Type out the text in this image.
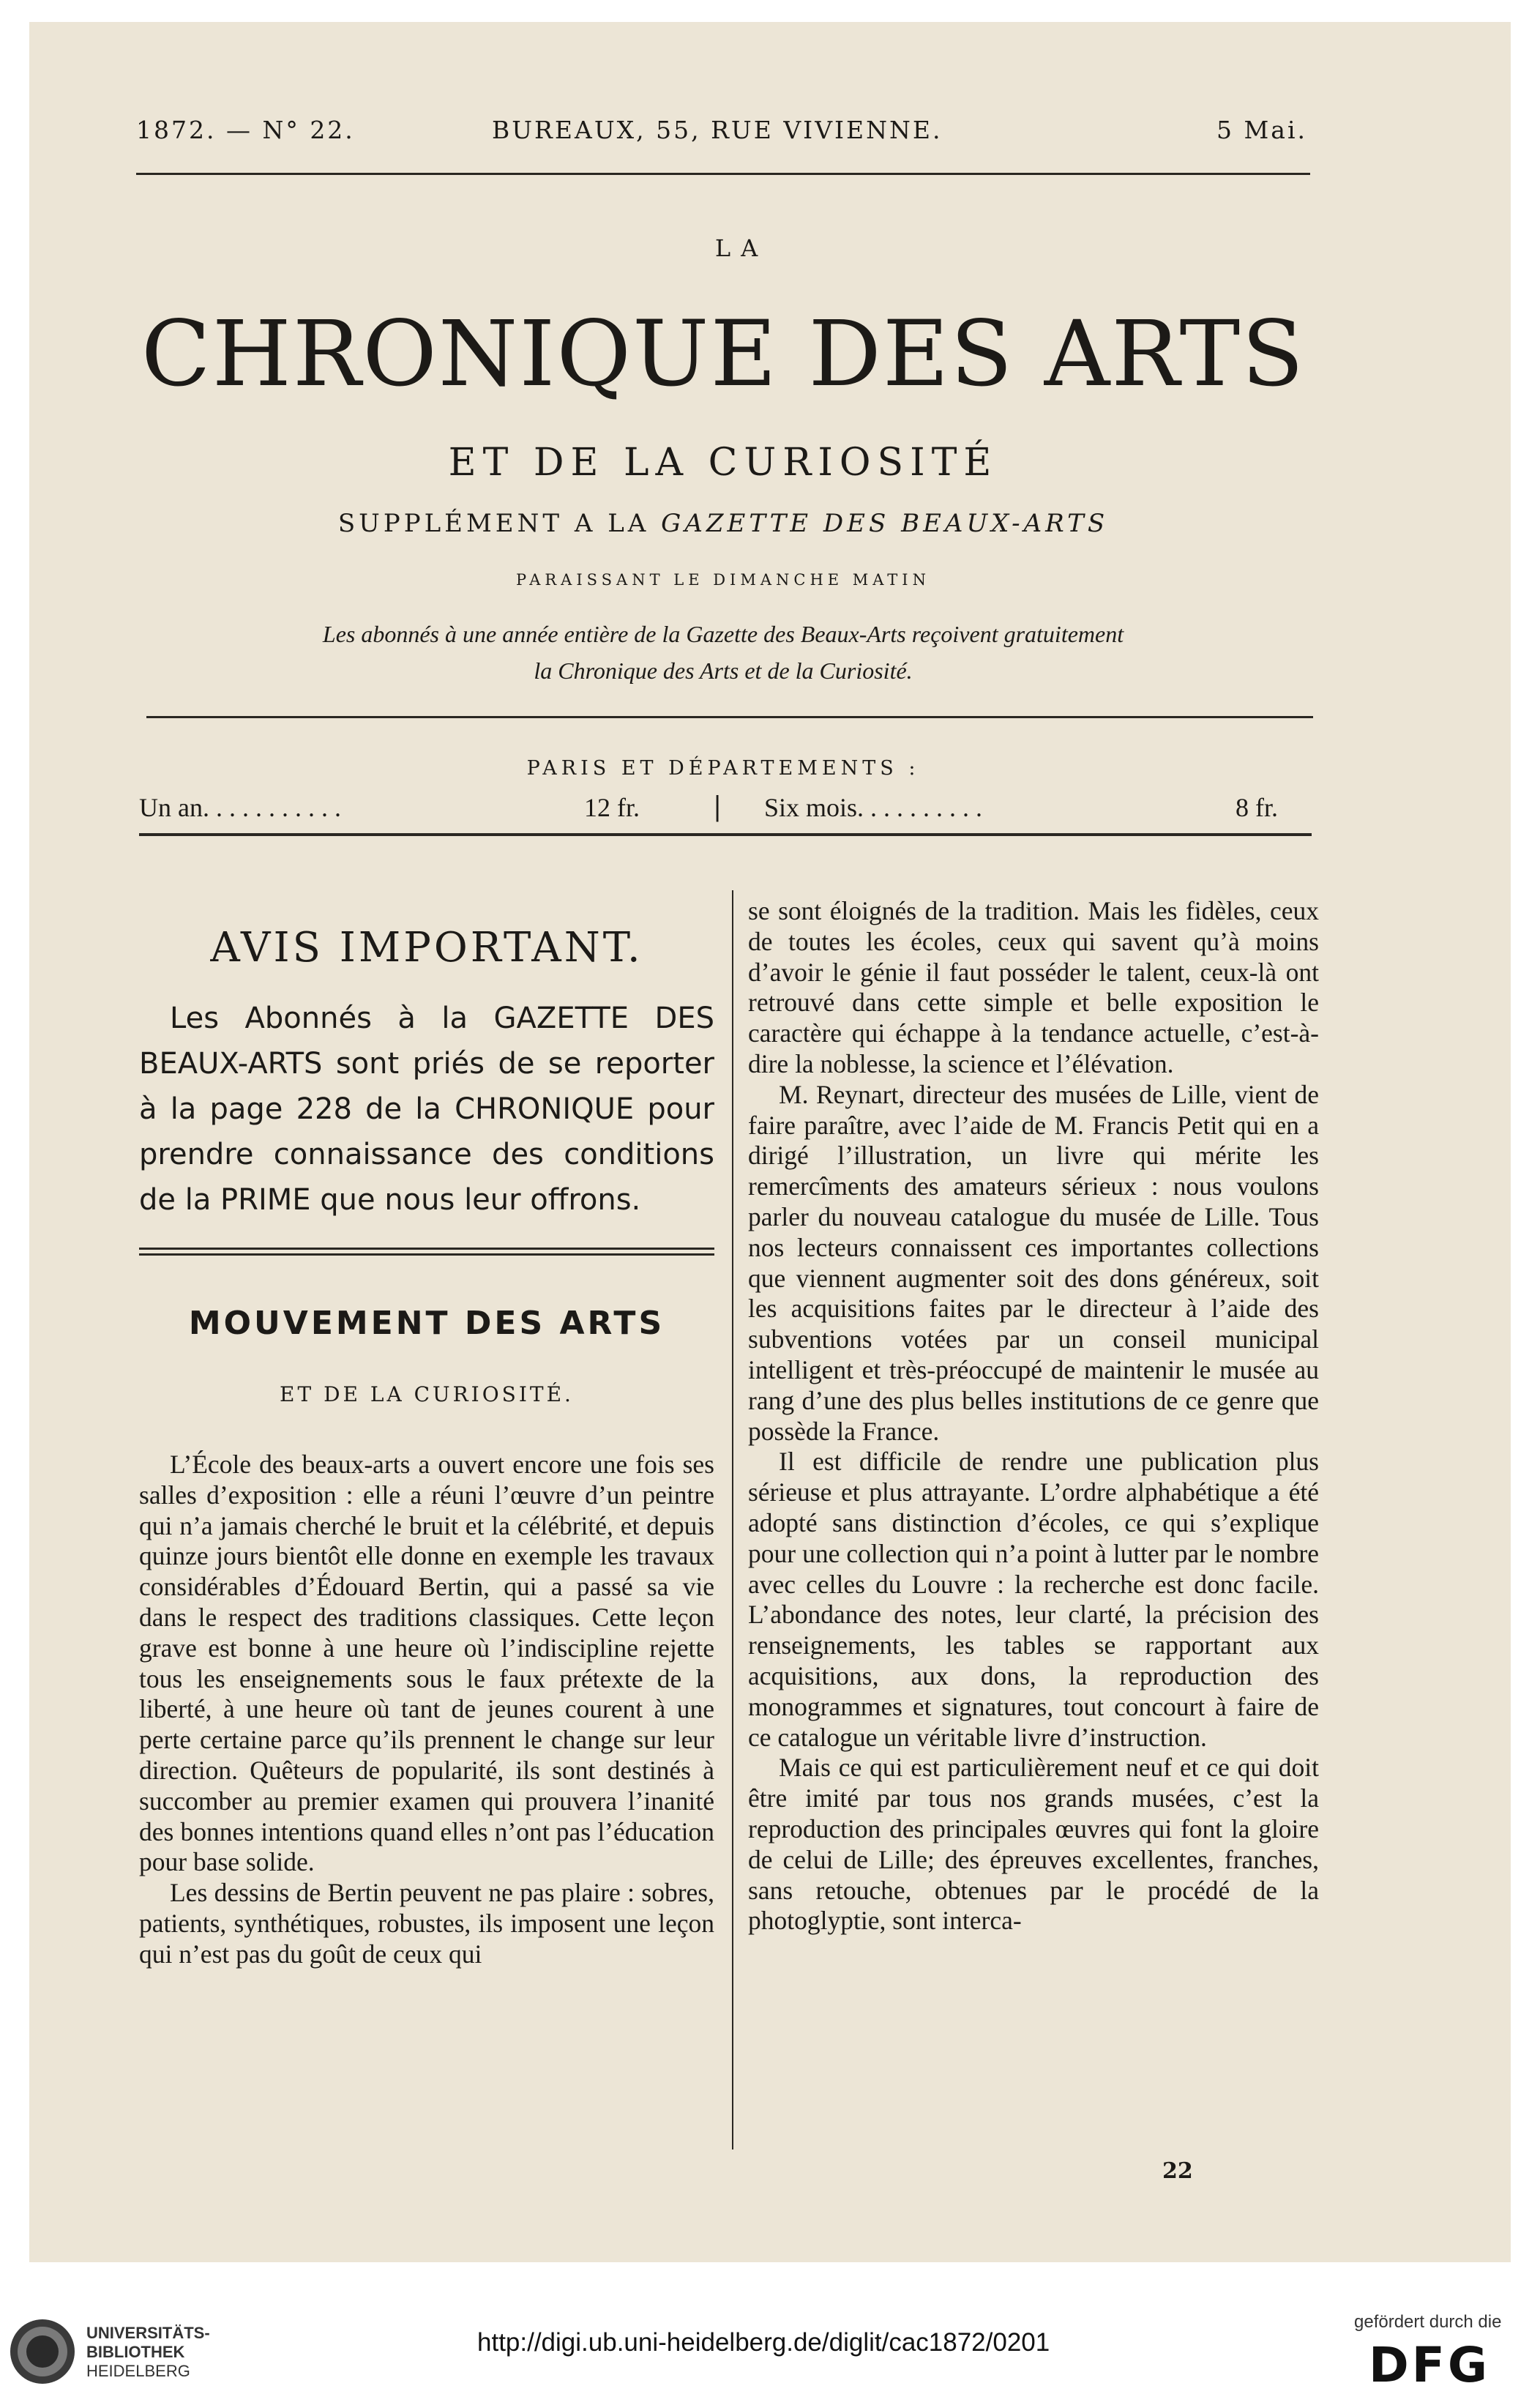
1872. — N° 22.	BUREAUX, 55, RUE VIVIENNE.	5 Mai.
LA
CHRONIQUE DES ARTS
ET DE LA CURIOSITÉ
SUPPLÉMENT A LA GAZETTE DES BEAUX-ARTS
PARAISSANT LE DIMANCHE MATIN
Les abonnés à une année entière de la Gazette des Beaux-Arts reçoivent gratuitement
la Chronique des Arts et de la Curiosité.
PARIS ET DÉPARTEMENTS :
Un an. . . . . . . . . . .	12 fr.	| Six mois. . . . . . . . . .	8 fr.
AVIS IMPORTANT.
Les Abonnés à la GAZETTE DES BEAUX-ARTS sont priés de se reporter à la page 228 de la CHRONIQUE pour prendre connaissance des conditions de la PRIME que nous leur offrons.
MOUVEMENT DES ARTS
ET DE LA CURIOSITÉ.

L’École des beaux-arts a ouvert encore une fois ses salles d’exposition : elle a réuni l’œuvre d’un peintre qui n’a jamais cherché le bruit et la célébrité, et depuis quinze jours bientôt elle donne en exemple les travaux considérables d’Édouard Bertin, qui a passé sa vie dans le respect des traditions classiques. Cette leçon grave est bonne à une heure où l’indiscipline rejette tous les enseignements sous le faux prétexte de la liberté, à une heure où tant de jeunes courent à une perte certaine parce qu’ils prennent le change sur leur direction. Quêteurs de popularité, ils sont destinés à succomber au premier examen qui prouvera l’inanité des bonnes intentions quand elles n’ont pas l’éducation pour base solide.

Les dessins de Bertin peuvent ne pas plaire : sobres, patients, synthétiques, robustes, ils imposent une leçon qui n’est pas du goût de ceux qui

se sont éloignés de la tradition. Mais les fidèles, ceux de toutes les écoles, ceux qui savent qu’à moins d’avoir le génie il faut posséder le talent, ceux-là ont retrouvé dans cette simple et belle exposition le caractère qui échappe à la tendance actuelle, c’est-à-dire la noblesse, la science et l’élévation.

M. Reynart, directeur des musées de Lille, vient de faire paraître, avec l’aide de M. Francis Petit qui en a dirigé l’illustration, un livre qui mérite les remercîments des amateurs sérieux : nous voulons parler du nouveau catalogue du musée de Lille. Tous nos lecteurs connaissent ces importantes collections que viennent augmenter soit des dons généreux, soit les acquisitions faites par le directeur à l’aide des subventions votées par un conseil municipal intelligent et très-préoccupé de maintenir le musée au rang d’une des plus belles institutions de ce genre que possède la France.

Il est difficile de rendre une publication plus sérieuse et plus attrayante. L’ordre alphabétique a été adopté sans distinction d’écoles, ce qui s’explique pour une collection qui n’a point à lutter par le nombre avec celles du Louvre : la recherche est donc facile. L’abondance des notes, leur clarté, la précision des renseignements, les tables se rapportant aux acquisitions, aux dons, la reproduction des monogrammes et signatures, tout concourt à faire de ce catalogue un véritable livre d’instruction.

Mais ce qui est particulièrement neuf et ce qui doit être imité par tous nos grands musées, c’est la reproduction des principales œuvres qui font la gloire de celui de Lille; des épreuves excellentes, franches, sans retouche, obtenues par le procédé de la photoglyptie, sont interca-

22
UNIVERSITÄTS-
BIBLIOTHEK
HEIDELBERG
http://digi.ub.uni-heidelberg.de/diglit/cac1872/0201
gefördert durch die
DFG
